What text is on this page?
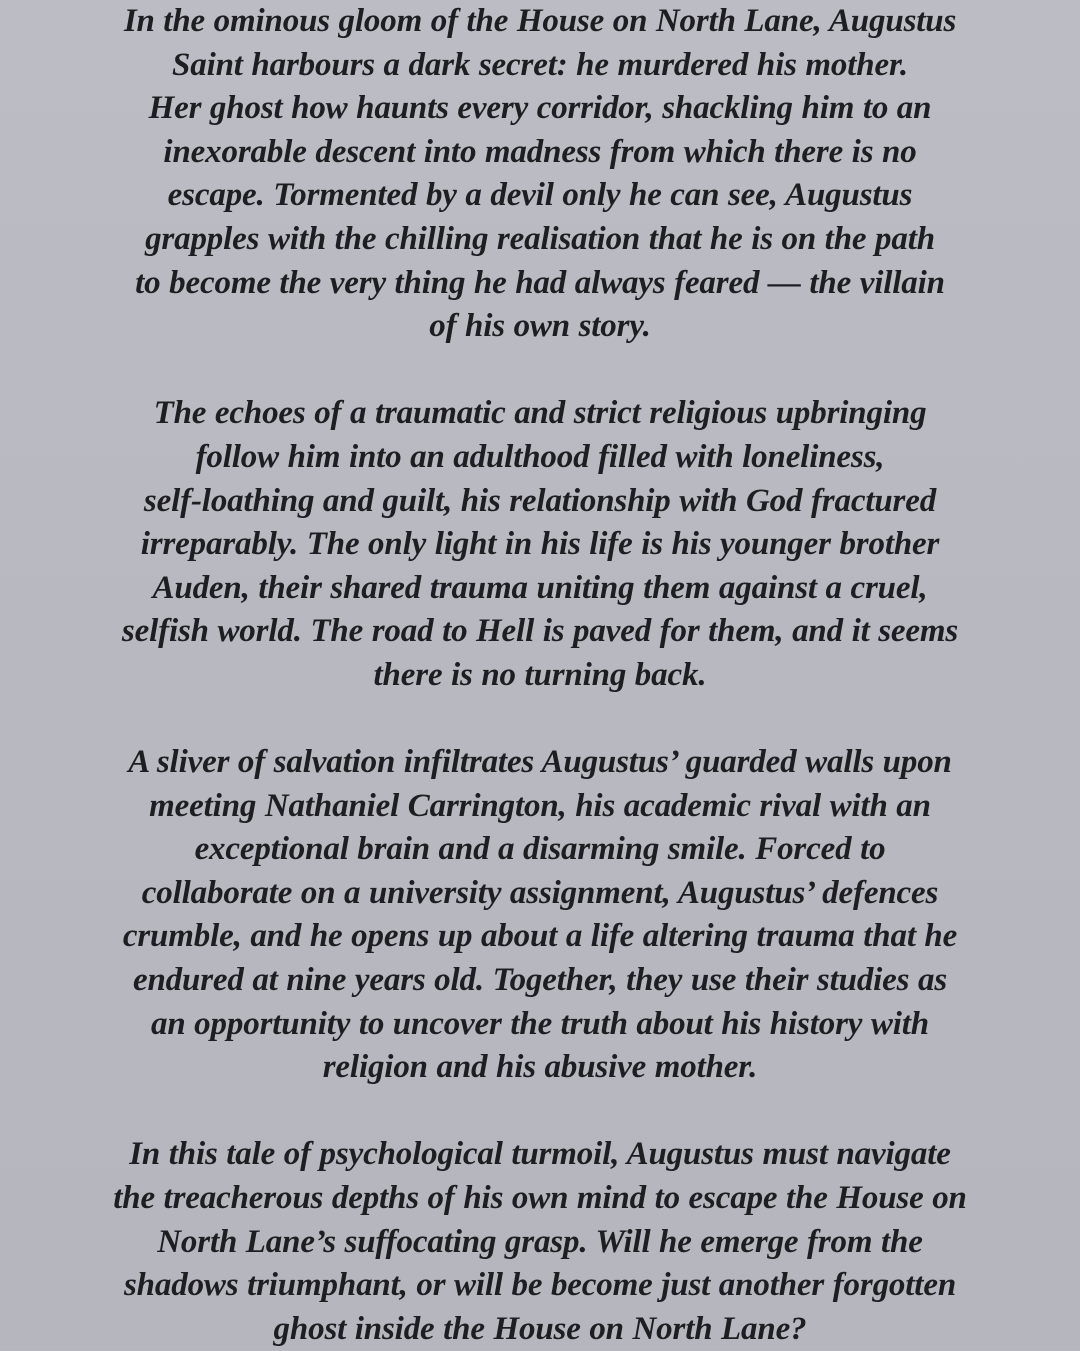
In the ominous gloom of the House on North Lane, Augustus
Saint harbours a dark secret: he murdered his mother.
Her ghost how haunts every corridor, shackling him to an
inexorable descent into madness from which there is no
escape. Tormented by a devil only he can see, Augustus
grapples with the chilling realisation that he is on the path
to become the very thing he had always feared — the villain
of his own story.

The echoes of a traumatic and strict religious upbringing
follow him into an adulthood filled with loneliness,
self-loathing and guilt, his relationship with God fractured
irreparably. The only light in his life is his younger brother
Auden, their shared trauma uniting them against a cruel,
selfish world. The road to Hell is paved for them, and it seems
there is no turning back.

A sliver of salvation infiltrates Augustus’ guarded walls upon
meeting Nathaniel Carrington, his academic rival with an
exceptional brain and a disarming smile. Forced to
collaborate on a university assignment, Augustus’ defences
crumble, and he opens up about a life altering trauma that he
endured at nine years old. Together, they use their studies as
an opportunity to uncover the truth about his history with
religion and his abusive mother.

In this tale of psychological turmoil, Augustus must navigate
the treacherous depths of his own mind to escape the House on
North Lane’s suffocating grasp. Will he emerge from the
shadows triumphant, or will be become just another forgotten
ghost inside the House on North Lane?
